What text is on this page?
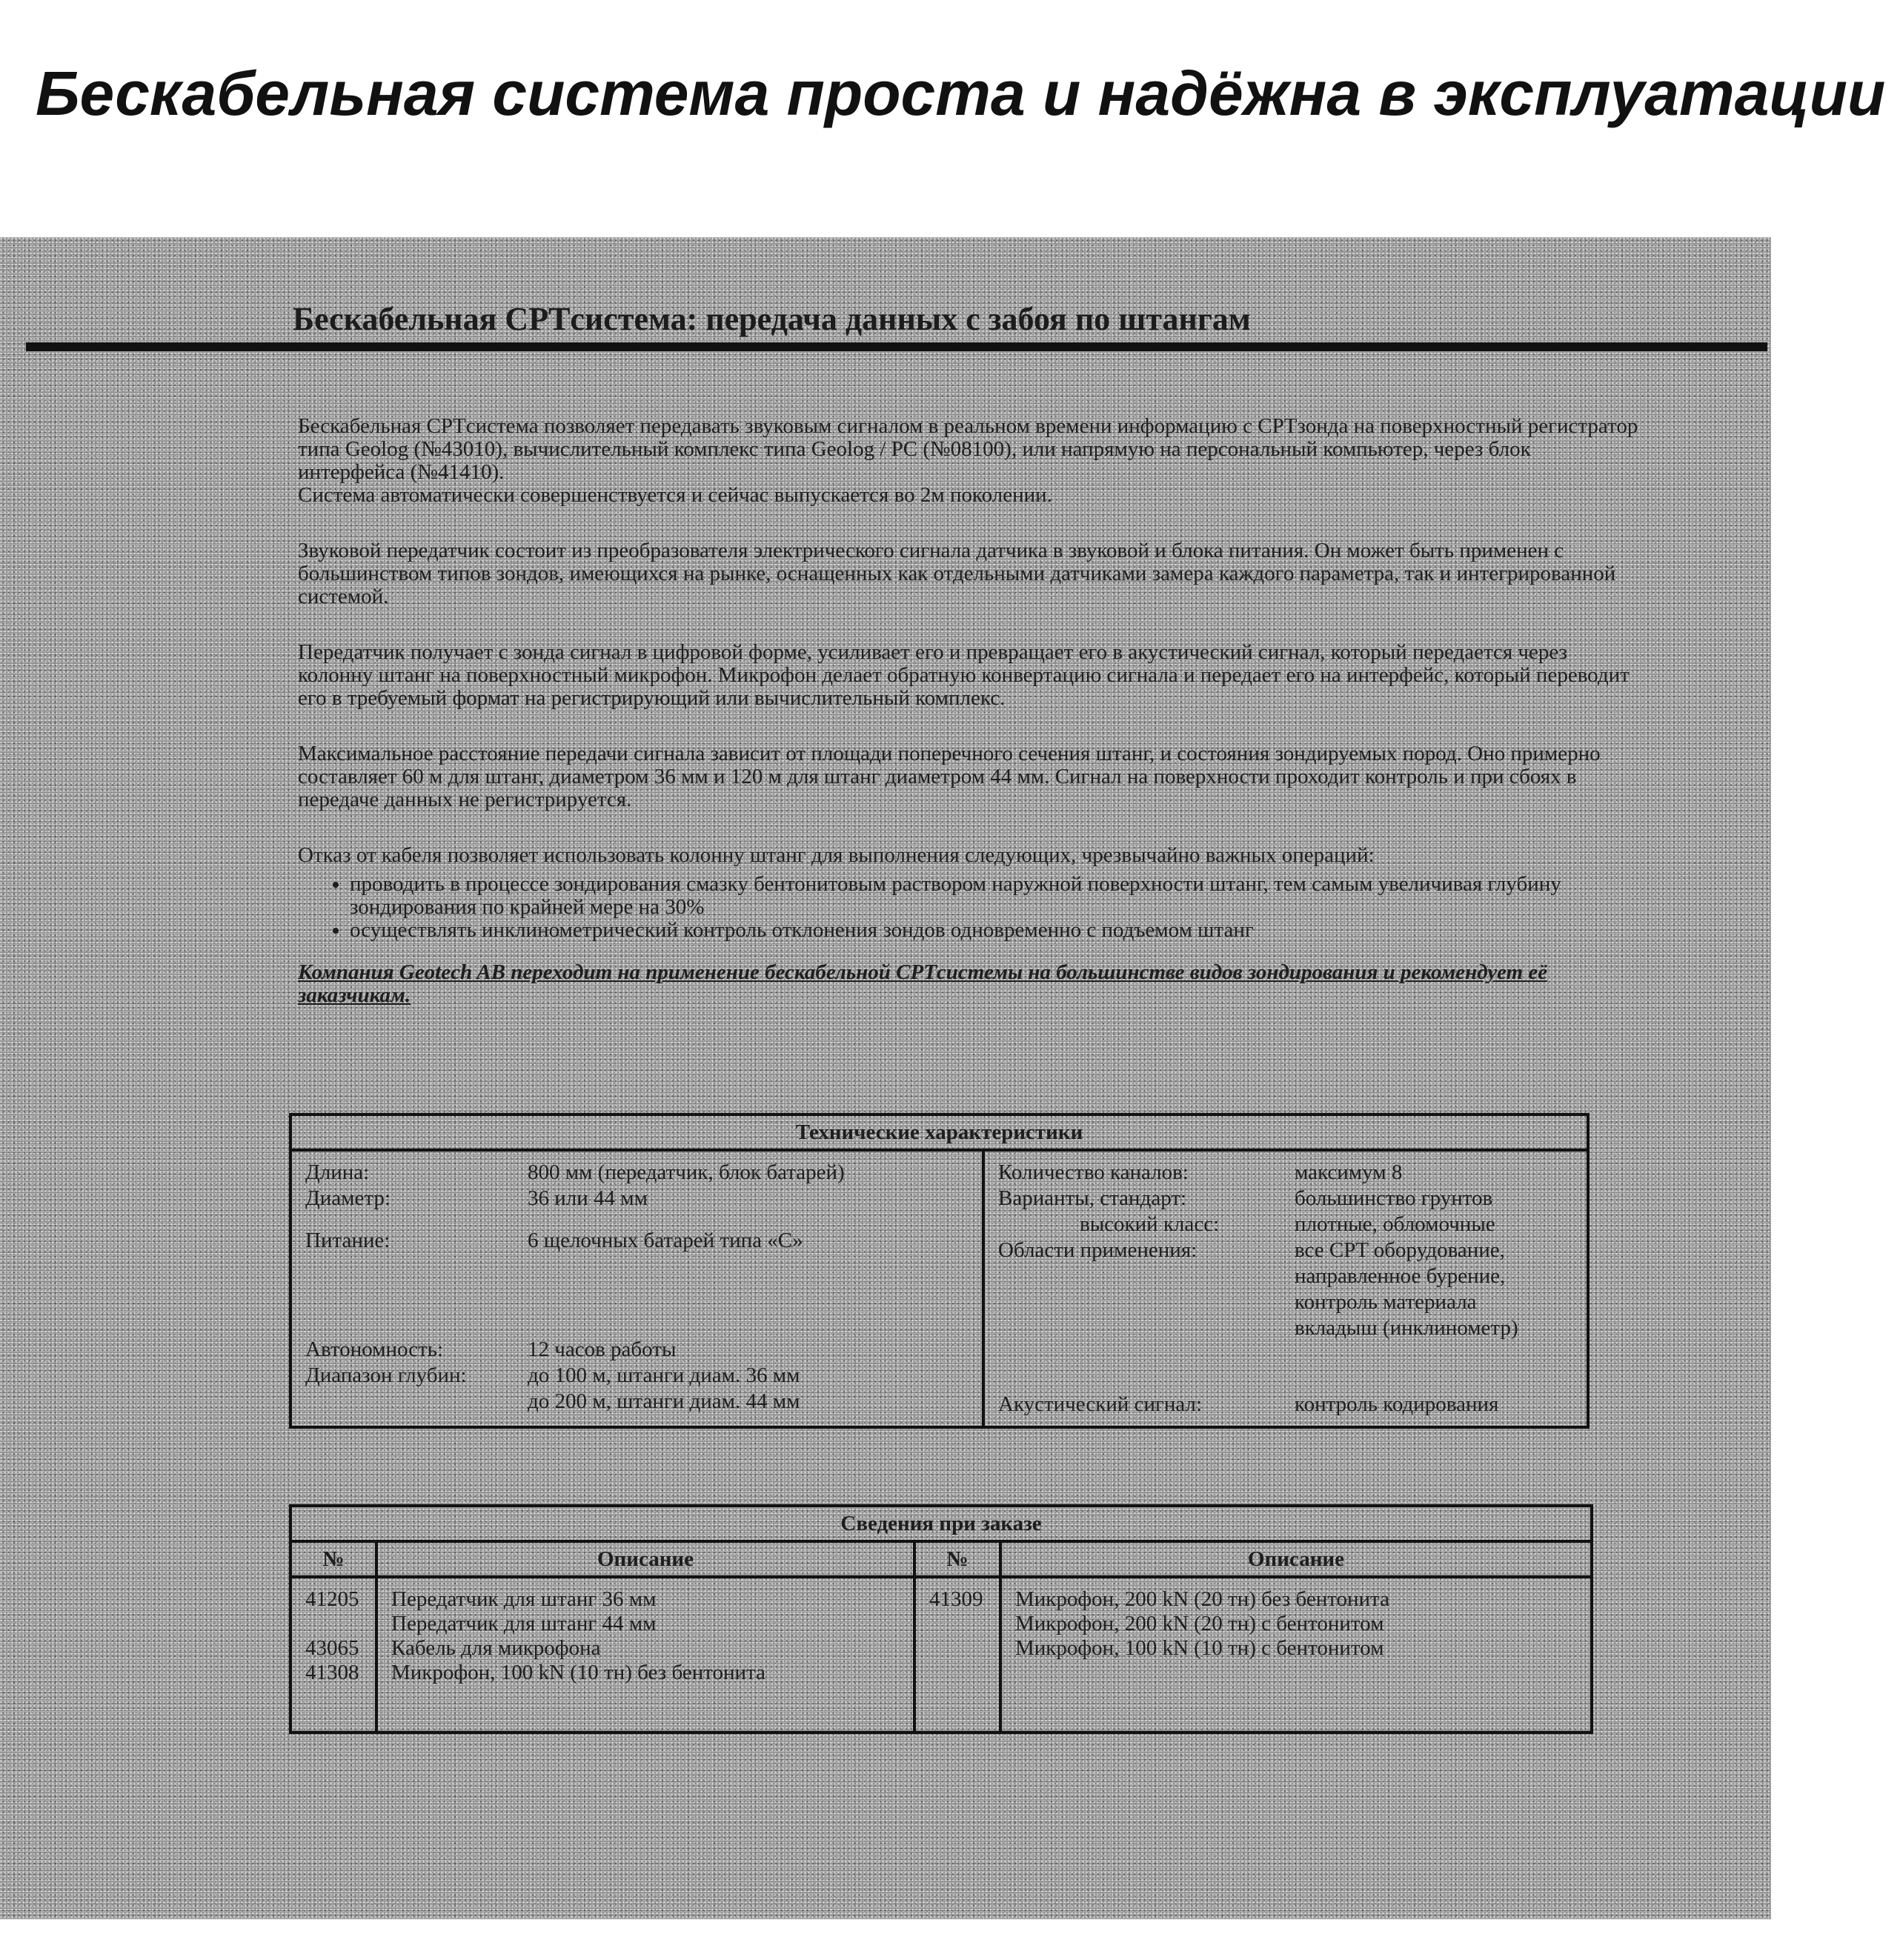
Бескабельная система проста и надёжна в эксплуатации
Бескабельная CPTсистема: передача данных с забоя по штангам

Бескабельная CPTсистема позволяет передавать звуковым сигналом в реальном времени информацию с CPTзонда на поверхностный регистратор типа Geolog (№43010), вычислительный комплекс типа Geolog / PC (№08100), или напрямую на персональный компьютер, через блок интерфейса (№41410).
Система автоматически совершенствуется и сейчас выпускается во 2м поколении.

Звуковой передатчик состоит из преобразователя электрического сигнала датчика в звуковой и блока питания. Он может быть применен с большинством типов зондов, имеющихся на рынке, оснащенных как отдельными датчиками замера каждого параметра, так и интегрированной системой.

Передатчик получает с зонда сигнал в цифровой форме, усиливает его и превращает его в акустический сигнал, который передается через колонну штанг на поверхностный микрофон. Микрофон делает обратную конвертацию сигнала и передает его на интерфейс, который переводит его в требуемый формат на регистрирующий или вычислительный комплекс.

Максимальное расстояние передачи сигнала зависит от площади поперечного сечения штанг, и состояния зондируемых пород. Оно примерно составляет 60 м для штанг, диаметром 36 мм и 120 м для штанг диаметром 44 мм. Сигнал на поверхности проходит контроль и при сбоях в передаче данных не регистрируется.

Отказ от кабеля позволяет использовать колонну штанг для выполнения следующих, чрезвычайно важных операций:

• проводить в процессе зондирования смазку бентонитовым раствором наружной поверхности штанг, тем самым увеличивая глубину зондирования по крайней мере на 30%
• осуществлять инклинометрический контроль отклонения зондов одновременно с подъемом штанг

Компания Geotech AB переходит на применение бескабельной CPTсистемы на большинстве видов зондирования и рекомендует её заказчикам.

Технические характеристики

Длина:	800 мм (передатчик, блок батарей)
Диаметр:	36 или 44 мм
Питание:	6 щелочных батарей типа «C»
Автономность:	12 часов работы
Диапазон глубин:	до 100 м, штанги диам. 36 мм
до 200 м, штанги диам. 44 мм

Количество каналов:	максимум 8
Варианты, стандарт:	большинство грунтов
высокий класс:	плотные, обломочные
Области применения:	все CPT оборудование,
направленное бурение,
контроль материала
вкладыш (инклинометр)
Акустический сигнал:	контроль кодирования
Сведения при заказе			
№	Описание	№	Описание

41205

43065
41308	Передатчик для штанг 36 мм
Передатчик для штанг 44 мм
Кабель для микрофона
Микрофон, 100 kN (10 тн) без бентонита	41309	Микрофон, 200 kN (20 тн) без бентонита
Микрофон, 200 kN (20 тн) с бентонитом
Микрофон, 100 kN (10 тн) с бентонитом
